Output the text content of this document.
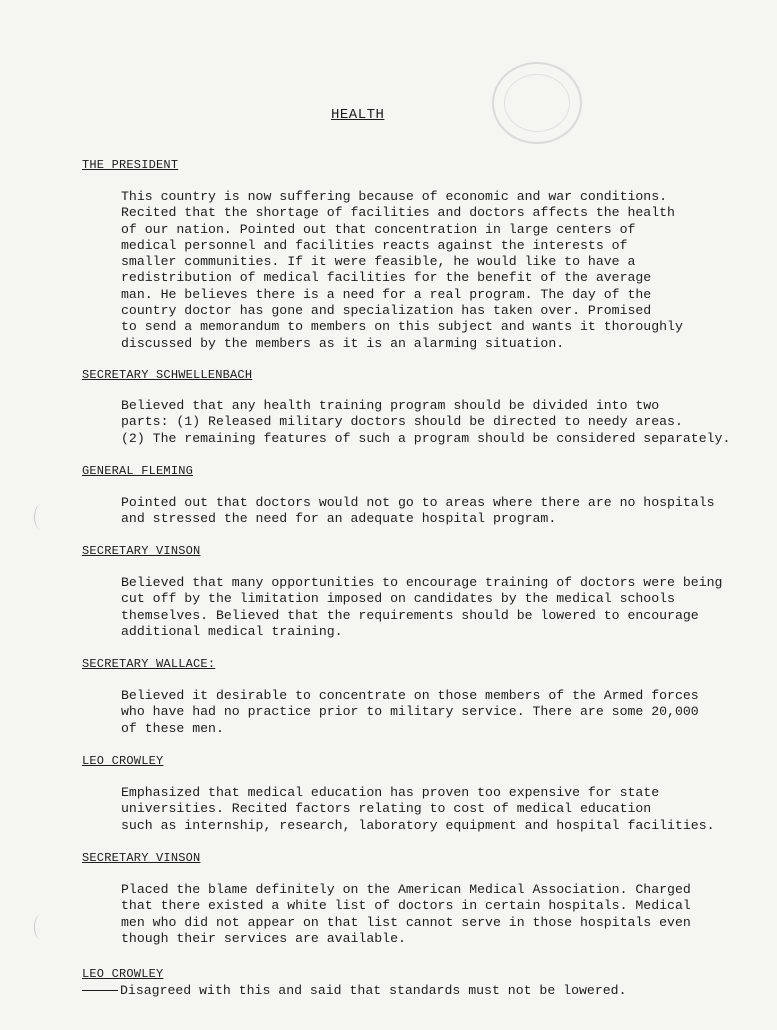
HEALTH
THE PRESIDENT
This country is now suffering because of economic and war conditions.
Recited that the shortage of facilities and doctors affects the health
of our nation. Pointed out that concentration in large centers of
medical personnel and facilities reacts against the interests of
smaller communities. If it were feasible, he would like to have a
redistribution of medical facilities for the benefit of the average
man. He believes there is a need for a real program. The day of the
country doctor has gone and specialization has taken over. Promised
to send a memorandum to members on this subject and wants it thoroughly
discussed by the members as it is an alarming situation.
SECRETARY SCHWELLENBACH
Believed that any health training program should be divided into two
parts: (1) Released military doctors should be directed to needy areas.
(2) The remaining features of such a program should be considered separately.
GENERAL FLEMING
Pointed out that doctors would not go to areas where there are no hospitals
and stressed the need for an adequate hospital program.
SECRETARY VINSON
Believed that many opportunities to encourage training of doctors were being
cut off by the limitation imposed on candidates by the medical schools
themselves. Believed that the requirements should be lowered to encourage
additional medical training.
SECRETARY WALLACE:
Believed it desirable to concentrate on those members of the Armed forces
who have had no practice prior to military service. There are some 20,000
of these men.
LEO CROWLEY
Emphasized that medical education has proven too expensive for state
universities. Recited factors relating to cost of medical education
such as internship, research, laboratory equipment and hospital facilities.
SECRETARY VINSON
Placed the blame definitely on the American Medical Association. Charged
that there existed a white list of doctors in certain hospitals. Medical
men who did not appear on that list cannot serve in those hospitals even
though their services are available.
LEO CROWLEY
Disagreed with this and said that standards must not be lowered.
